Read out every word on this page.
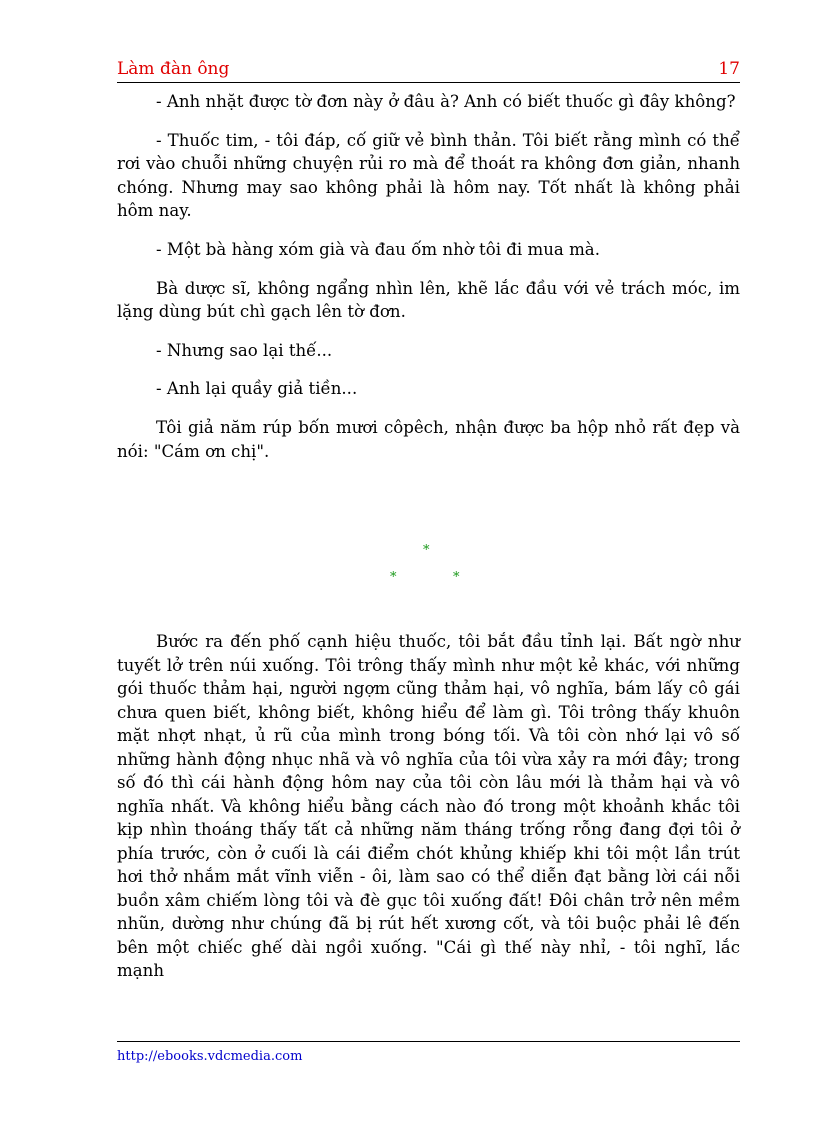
Làm đàn ông	17

- Anh nhặt được tờ đơn này ở đâu à? Anh có biết thuốc gì đây không?

- Thuốc tim, - tôi đáp, cố giữ vẻ bình thản. Tôi biết rằng mình có thể rơi vào chuỗi những chuyện rủi ro mà để thoát ra không đơn giản, nhanh chóng. Nhưng may sao không phải là hôm nay. Tốt nhất là không phải hôm nay.

- Một bà hàng xóm già và đau ốm nhờ tôi đi mua mà.

Bà dược sĩ, không ngẩng nhìn lên, khẽ lắc đầu với vẻ trách móc, im lặng dùng bút chì gạch lên tờ đơn.

- Nhưng sao lại thế...

- Anh lại quầy giả tiền...

Tôi giả năm rúp bốn mươi côpêch, nhận được ba hộp nhỏ rất đẹp và nói: "Cám ơn chị".

*
*	*

Bước ra đến phố cạnh hiệu thuốc, tôi bắt đầu tỉnh lại. Bất ngờ như tuyết lở trên núi xuống. Tôi trông thấy mình như một kẻ khác, với những gói thuốc thảm hại, người ngợm cũng thảm hại, vô nghĩa, bám lấy cô gái chưa quen biết, không biết, không hiểu để làm gì. Tôi trông thấy khuôn mặt nhợt nhạt, ủ rũ của mình trong bóng tối. Và tôi còn nhớ lại vô số những hành động nhục nhã và vô nghĩa của tôi vừa xảy ra mới đây; trong số đó thì cái hành động hôm nay của tôi còn lâu mới là thảm hại và vô nghĩa nhất. Và không hiểu bằng cách nào đó trong một khoảnh khắc tôi kịp nhìn thoáng thấy tất cả những năm tháng trống rỗng đang đợi tôi ở phía trước, còn ở cuối là cái điểm chót khủng khiếp khi tôi một lần trút hơi thở nhắm mắt vĩnh viễn - ôi, làm sao có thể diễn đạt bằng lời cái nỗi buồn xâm chiếm lòng tôi và đè gục tôi xuống đất! Đôi chân trở nên mềm nhũn, dường như chúng đã bị rút hết xương cốt, và tôi buộc phải lê đến bên một chiếc ghế dài ngồi xuống. "Cái gì thế này nhỉ, - tôi nghĩ, lắc mạnh

http://ebooks.vdcmedia.com
